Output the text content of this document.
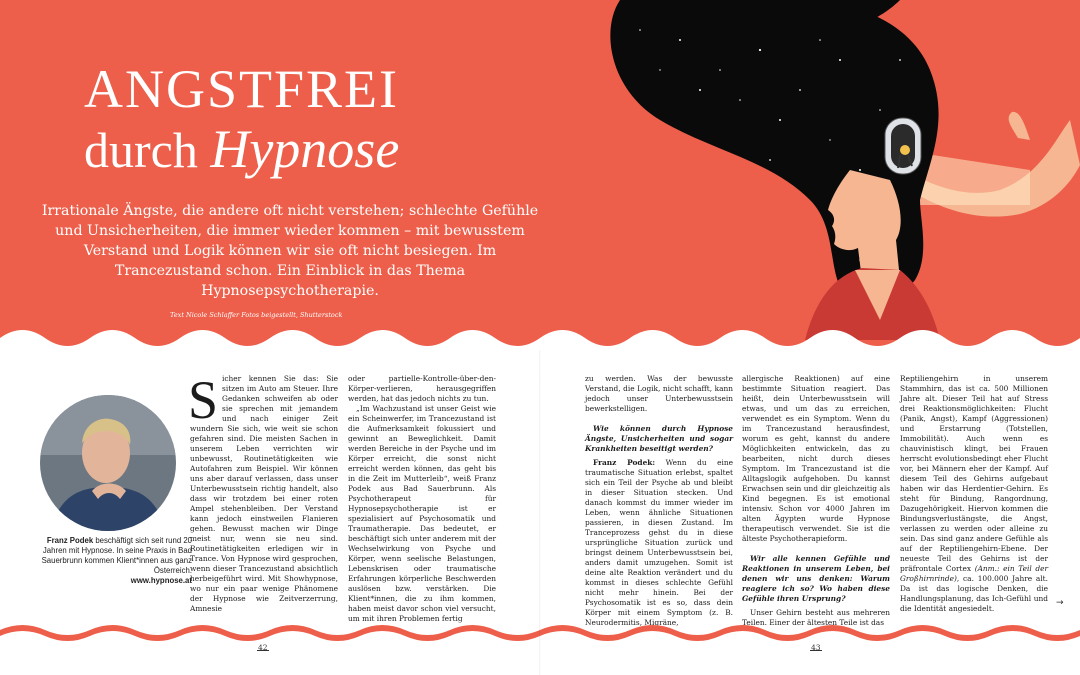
ANGSTFREI
durch Hypnose
Irrationale Ängste, die andere oft nicht verstehen; schlechte Gefühle und Unsicherheiten, die immer wieder kommen – mit bewusstem Verstand und Logik können wir sie oft nicht besiegen. Im Trancezustand schon. Ein Einblick in das Thema Hypnosepsychotherapie.
Text Nicole Schlaffer Fotos beigestellt, Shutterstock
Franz Podek beschäftigt sich seit rund 20 Jahren mit Hypnose. In seine Praxis in Bad Sauerbrunn kommen Klient*innen aus ganz Österreich.
www.hypnose.at
S icher kennen Sie das: Sie sitzen im Auto am Steuer. Ihre Gedanken schweifen ab oder sie sprechen mit jemandem und nach einiger Zeit wundern Sie sich, wie weit sie schon gefahren sind. Die meisten Sachen in unserem Leben verrichten wir unbewusst, Routinetätigkeiten wie Autofahren zum Beispiel. Wir können uns aber darauf verlassen, dass unser Unterbewusstsein richtig handelt, also dass wir trotzdem bei einer roten Ampel stehenbleiben. Der Verstand kann jedoch einstweilen Flanieren gehen. Bewusst machen wir Dinge meist nur, wenn sie neu sind. Routinetätigkeiten erledigen wir in Trance. Von Hypnose wird gesprochen, wenn dieser Trancezustand absichtlich herbeigeführt wird. Mit Showhypnose, wo nur ein paar wenige Phänomene der Hypnose wie Zeitverzerrung, Amnesie

oder partielle-Kontrolle-über-den-Körper-verlieren, herausgegriffen werden, hat das jedoch nichts zu tun.

„Im Wachzustand ist unser Geist wie ein Scheinwerfer, im Trancezustand ist die Aufmerksamkeit fokussiert und gewinnt an Beweglichkeit. Damit werden Bereiche in der Psyche und im Körper erreicht, die sonst nicht erreicht werden können, das geht bis in die Zeit im Mutterleib“, weiß Franz Podek aus Bad Sauerbrunn. Als Psychotherapeut für Hypnosepsychotherapie ist er spezialisiert auf Psychosomatik und Traumatherapie. Das bedeutet, er beschäftigt sich unter anderem mit der Wechselwirkung von Psyche und Körper, wenn seelische Belastungen, Lebenskrisen oder traumatische Erfahrungen körperliche Beschwerden auslösen bzw. verstärken. Die Klient*innen, die zu ihm kommen, haben meist davor schon viel versucht, um mit ihren Problemen fertig

zu werden. Was der bewusste Verstand, die Logik, nicht schafft, kann jedoch unser Unterbewusstsein bewerkstelligen.

Wie können durch Hypnose Ängste, Unsicherheiten und sogar Krankheiten beseitigt werden?

Franz Podek: Wenn du eine traumatische Situation erlebst, spaltet sich ein Teil der Psyche ab und bleibt in dieser Situation stecken. Und danach kommst du immer wieder im Leben, wenn ähnliche Situationen passieren, in diesen Zustand. Im Tranceprozess gehst du in diese ursprüngliche Situation zurück und bringst deinem Unterbewusstsein bei, anders damit umzugehen. Somit ist deine alte Reaktion verändert und du kommst in dieses schlechte Gefühl nicht mehr hinein. Bei der Psychosomatik ist es so, dass dein Körper mit einem Symptom (z. B. Neurodermitis, Migräne,

allergische Reaktionen) auf eine bestimmte Situation reagiert. Das heißt, dein Unterbewusstsein will etwas, und um das zu erreichen, verwendet es ein Symptom. Wenn du im Trancezustand herausfindest, worum es geht, kannst du andere Möglichkeiten entwickeln, das zu bearbeiten, nicht durch dieses Symptom. Im Trancezustand ist die Alltagslogik aufgehoben. Du kannst Erwachsen sein und dir gleichzeitig als Kind begegnen. Es ist emotional intensiv. Schon vor 4000 Jahren im alten Ägypten wurde Hypnose therapeutisch verwendet. Sie ist die älteste Psychotherapieform.

Wir alle kennen Gefühle und Reaktionen in unserem Leben, bei denen wir uns denken: Warum reagiere ich so? Wo haben diese Gefühle ihren Ursprung?

Unser Gehirn besteht aus mehreren Teilen. Einer der ältesten Teile ist das

Reptiliengehirn in unserem Stammhirn, das ist ca. 500 Millionen Jahre alt. Dieser Teil hat auf Stress drei Reaktionsmöglichkeiten: Flucht (Panik, Angst), Kampf (Aggressionen) und Erstarrung (Totstellen, Immobilität). Auch wenn es chauvinistisch klingt, bei Frauen herrscht evolutionsbedingt eher Flucht vor, bei Männern eher der Kampf. Auf diesem Teil des Gehirns aufgebaut haben wir das Herdentier-Gehirn. Es steht für Bindung, Rangordnung, Dazugehörigkeit. Hiervon kommen die Bindungsverlustängste, die Angst, verlassen zu werden oder alleine zu sein. Das sind ganz andere Gefühle als auf der Reptiliengehirn-Ebene. Der neueste Teil des Gehirns ist der präfrontale Cortex (Anm.: ein Teil der Großhirnrinde), ca. 100.000 Jahre alt. Da ist das logische Denken, die Handlungsplanung, das Ich-Gefühl und die Identität angesiedelt.

→
42	43
